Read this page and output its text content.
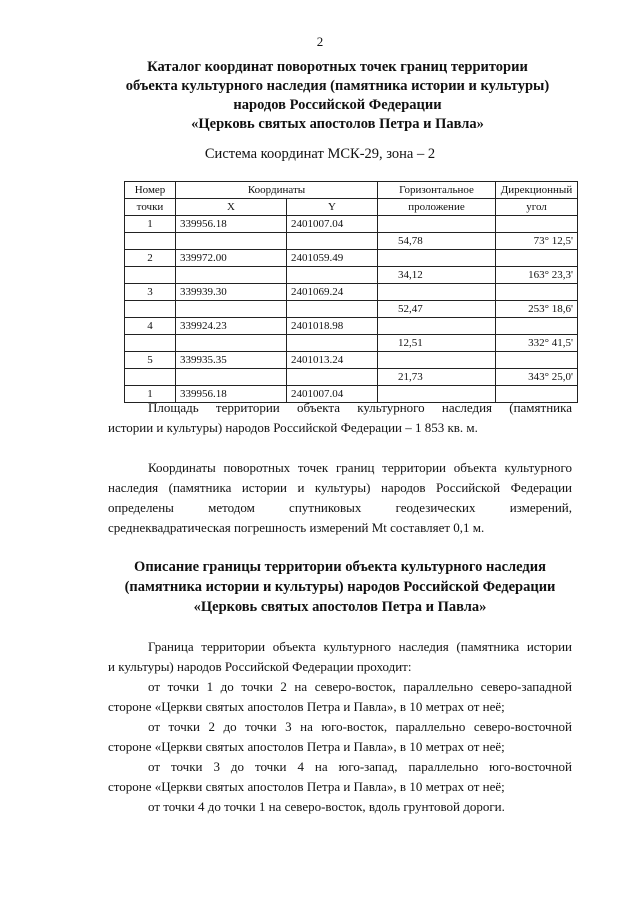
2
Каталог координат поворотных точек границ территории
объекта культурного наследия (памятника истории и культуры)
народов Российской Федерации
«Церковь святых апостолов Петра и Павла»
Система координат МСК-29, зона – 2
Номер	Координаты		Горизонтальное	Дирекционный
точки	X	Y	проложение	угол
1	339956.18	2401007.04		
			54,78	73° 12,5'
2	339972.00	2401059.49		
			34,12	163° 23,3'
3	339939.30	2401069.24		
			52,47	253° 18,6'
4	339924.23	2401018.98		
			12,51	332° 41,5'
5	339935.35	2401013.24		
			21,73	343° 25,0'
1	339956.18	2401007.04		
Площадь территории объекта культурного наследия (памятника
истории и культуры) народов Российской Федерации – 1 853 кв. м.
Координаты поворотных точек границ территории объекта культурного
наследия (памятника истории и культуры) народов Российской Федерации
определены методом спутниковых геодезических измерений,
среднеквадратическая погрешность измерений Mt составляет 0,1 м.
Описание границы территории объекта культурного наследия
(памятника истории и культуры) народов Российской Федерации
«Церковь святых апостолов Петра и Павла»
Граница территории объекта культурного наследия (памятника истории
и культуры) народов Российской Федерации проходит:
от точки 1 до точки 2 на северо-восток, параллельно северо-западной
стороне «Церкви святых апостолов Петра и Павла», в 10 метрах от неё;
от точки 2 до точки 3 на юго-восток, параллельно северо-восточной
стороне «Церкви святых апостолов Петра и Павла», в 10 метрах от неё;
от точки 3 до точки 4 на юго-запад, параллельно юго-восточной
стороне «Церкви святых апостолов Петра и Павла», в 10 метрах от неё;
от точки 4 до точки 1 на северо-восток, вдоль грунтовой дороги.
